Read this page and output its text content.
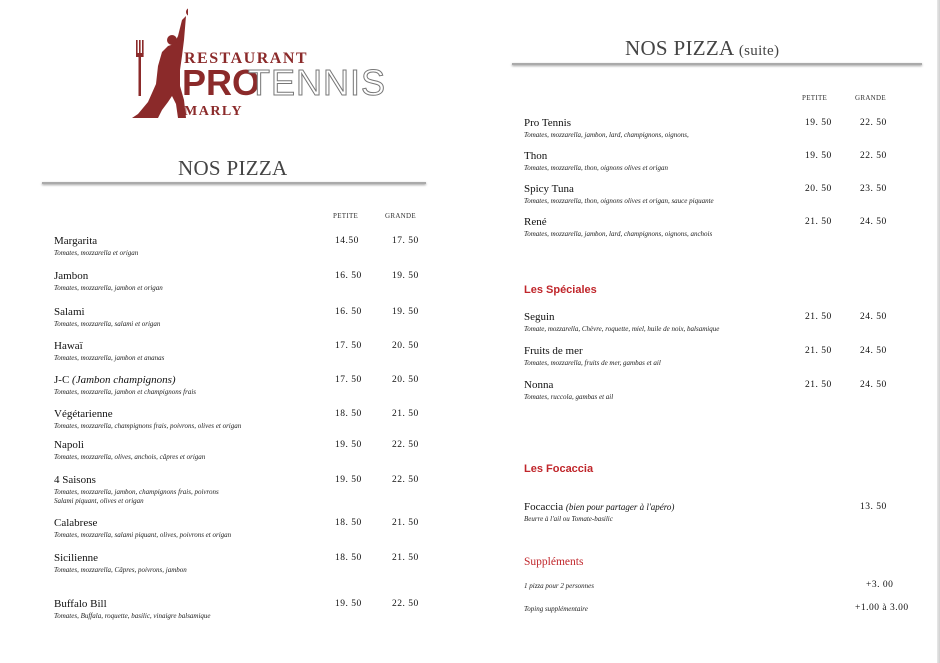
RESTAURANT
PRO
TENNIS
MARLY
NOS PIZZA
PETITE	GRANDE
Margarita
Tomates, mozzarella et origan
14.50	17. 50
Jambon
Tomates, mozzarella, jambon et origan
16. 50	19. 50
Salami
Tomates, mozzarella, salami et origan
16. 50	19. 50
Hawaï
Tomates, mozzarella, jambon et ananas
17. 50	20. 50
J-C (Jambon champignons)
Tomates, mozzarella, jambon et champignons frais
17. 50	20. 50
Végétarienne
Tomates, mozzarella, champignons frais, poivrons, olives et origan
18. 50	21. 50
Napoli
Tomates, mozzarella, olives, anchois, câpres et origan
19. 50	22. 50
4 Saisons
Tomates, mozzarella, jambon, champignons frais, poivrons
Salami piquant, olives et origan
19. 50	22. 50
Calabrese
Tomates, mozzarella, salami piquant, olives, poivrons et origan
18. 50	21. 50
Sicilienne
Tomates, mozzarella, Câpres, poivrons, jambon
18. 50	21. 50
Buffalo Bill
Tomates, Buffala, roquette, basilic, vinaigre balsamique
19. 50	22. 50
NOS PIZZA (suite)
PETITE	GRANDE
Pro Tennis
Tomates, mozzarella, jambon, lard, champignons, oignons,
19. 50	22. 50
Thon
Tomates, mozzarella, thon, oignons olives et origan
19. 50	22. 50
Spicy Tuna
Tomates, mozzarella, thon, oignons olives et origan, sauce piquante
20. 50	23. 50
René
Tomates, mozzarella, jambon, lard, champignons, oignons, anchois
21. 50	24. 50
Les Spéciales
Seguin
Tomate, mozzarella, Chèvre, roquette, miel, huile de noix, balsamique
21. 50	24. 50
Fruits de mer
Tomates, mozzarella, fruits de mer, gambas et ail
21. 50	24. 50
Nonna
Tomates, ruccola, gambas et ail
21. 50	24. 50
Les Focaccia
Focaccia (bien pour partager à l'apéro)
Beurre à l'ail ou Tomate-basilic
13. 50
Suppléments
1 pizza pour 2 personnes	+3. 00
Toping supplémentaire	+1.00 à 3.00
